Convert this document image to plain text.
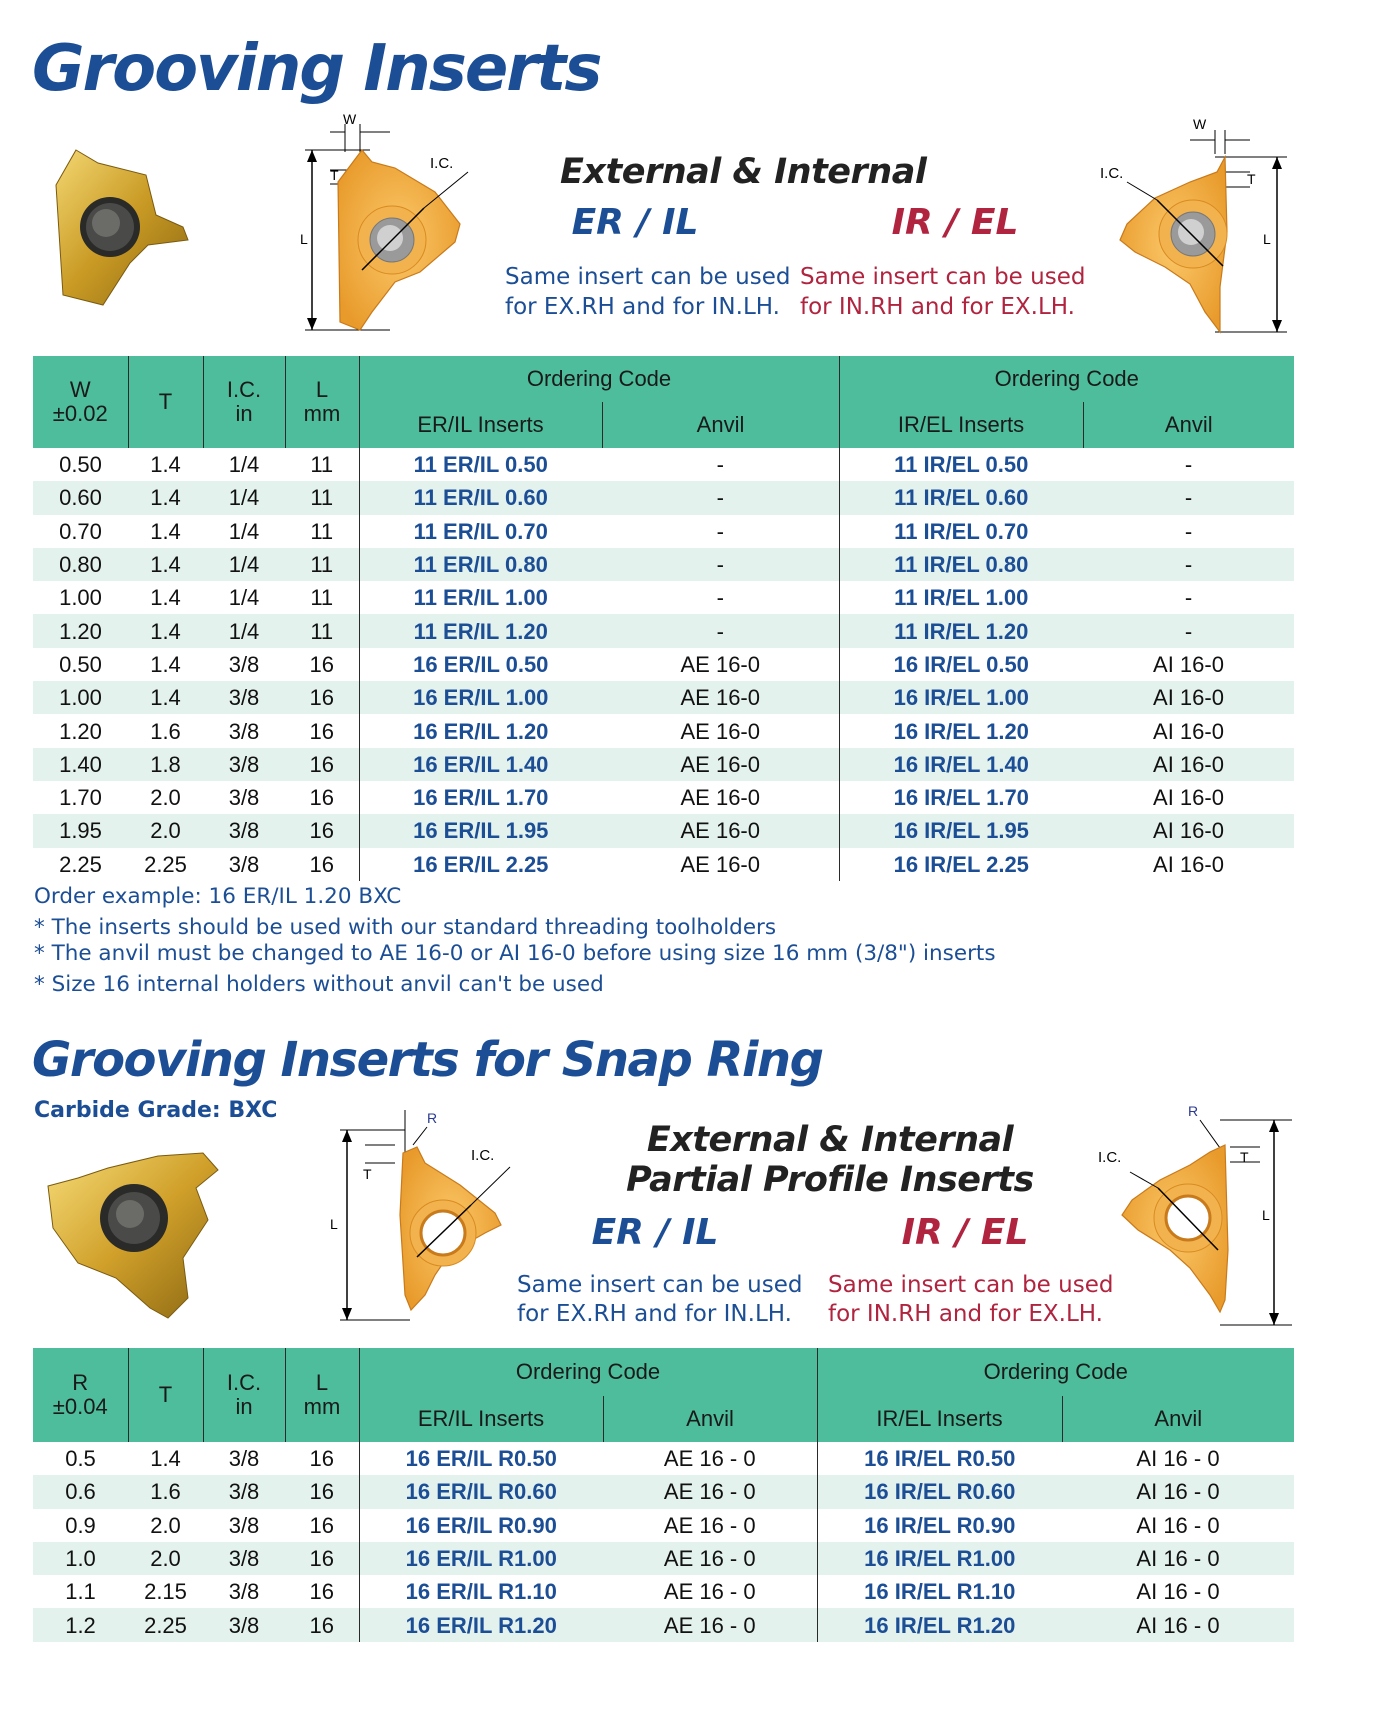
Grooving Inserts
L
W
T
I.C.	External & Internal
ER / IL
Same insert can be used
for EX.RH and for IN.LH.
IR / EL
Same insert can be used
for IN.RH and for EX.LH.
L
W
T
I.C.
W
±0.02	T	I.C.
in	L
mm	Ordering Code		Ordering Code	
				ER/IL Inserts	Anvil	IR/EL Inserts	Anvil
0.50	1.4	1/4	11	11 ER/IL 0.50	-	11 IR/EL 0.50	-
0.60	1.4	1/4	11	11 ER/IL 0.60	-	11 IR/EL 0.60	-
0.70	1.4	1/4	11	11 ER/IL 0.70	-	11 IR/EL 0.70	-
0.80	1.4	1/4	11	11 ER/IL 0.80	-	11 IR/EL 0.80	-
1.00	1.4	1/4	11	11 ER/IL 1.00	-	11 IR/EL 1.00	-
1.20	1.4	1/4	11	11 ER/IL 1.20	-	11 IR/EL 1.20	-
0.50	1.4	3/8	16	16 ER/IL 0.50	AE 16-0	16 IR/EL 0.50	AI 16-0
1.00	1.4	3/8	16	16 ER/IL 1.00	AE 16-0	16 IR/EL 1.00	AI 16-0
1.20	1.6	3/8	16	16 ER/IL 1.20	AE 16-0	16 IR/EL 1.20	AI 16-0
1.40	1.8	3/8	16	16 ER/IL 1.40	AE 16-0	16 IR/EL 1.40	AI 16-0
1.70	2.0	3/8	16	16 ER/IL 1.70	AE 16-0	16 IR/EL 1.70	AI 16-0
1.95	2.0	3/8	16	16 ER/IL 1.95	AE 16-0	16 IR/EL 1.95	AI 16-0
2.25	2.25	3/8	16	16 ER/IL 2.25	AE 16-0	16 IR/EL 2.25	AI 16-0
Order example: 16 ER/IL 1.20 BXC
* The inserts should be used with our standard threading toolholders
* The anvil must be changed to AE 16-0 or AI 16-0 before using size 16 mm (3/8") inserts
* Size 16 internal holders without anvil can't be used
Grooving Inserts for Snap Ring
Carbide Grade: BXC
L
T
R
I.C.	External & Internal
Partial Profile Inserts
ER / IL
Same insert can be used
for EX.RH and for IN.LH.
IR / EL
Same insert can be used
for IN.RH and for EX.LH.
L
T
R
I.C.
R
±0.04	T	I.C.
in	L
mm	Ordering Code		Ordering Code	
				ER/IL Inserts	Anvil	IR/EL Inserts	Anvil
0.5	1.4	3/8	16	16 ER/IL R0.50	AE 16 - 0	16 IR/EL R0.50	AI 16 - 0
0.6	1.6	3/8	16	16 ER/IL R0.60	AE 16 - 0	16 IR/EL R0.60	AI 16 - 0
0.9	2.0	3/8	16	16 ER/IL R0.90	AE 16 - 0	16 IR/EL R0.90	AI 16 - 0
1.0	2.0	3/8	16	16 ER/IL R1.00	AE 16 - 0	16 IR/EL R1.00	AI 16 - 0
1.1	2.15	3/8	16	16 ER/IL R1.10	AE 16 - 0	16 IR/EL R1.10	AI 16 - 0
1.2	2.25	3/8	16	16 ER/IL R1.20	AE 16 - 0	16 IR/EL R1.20	AI 16 - 0
